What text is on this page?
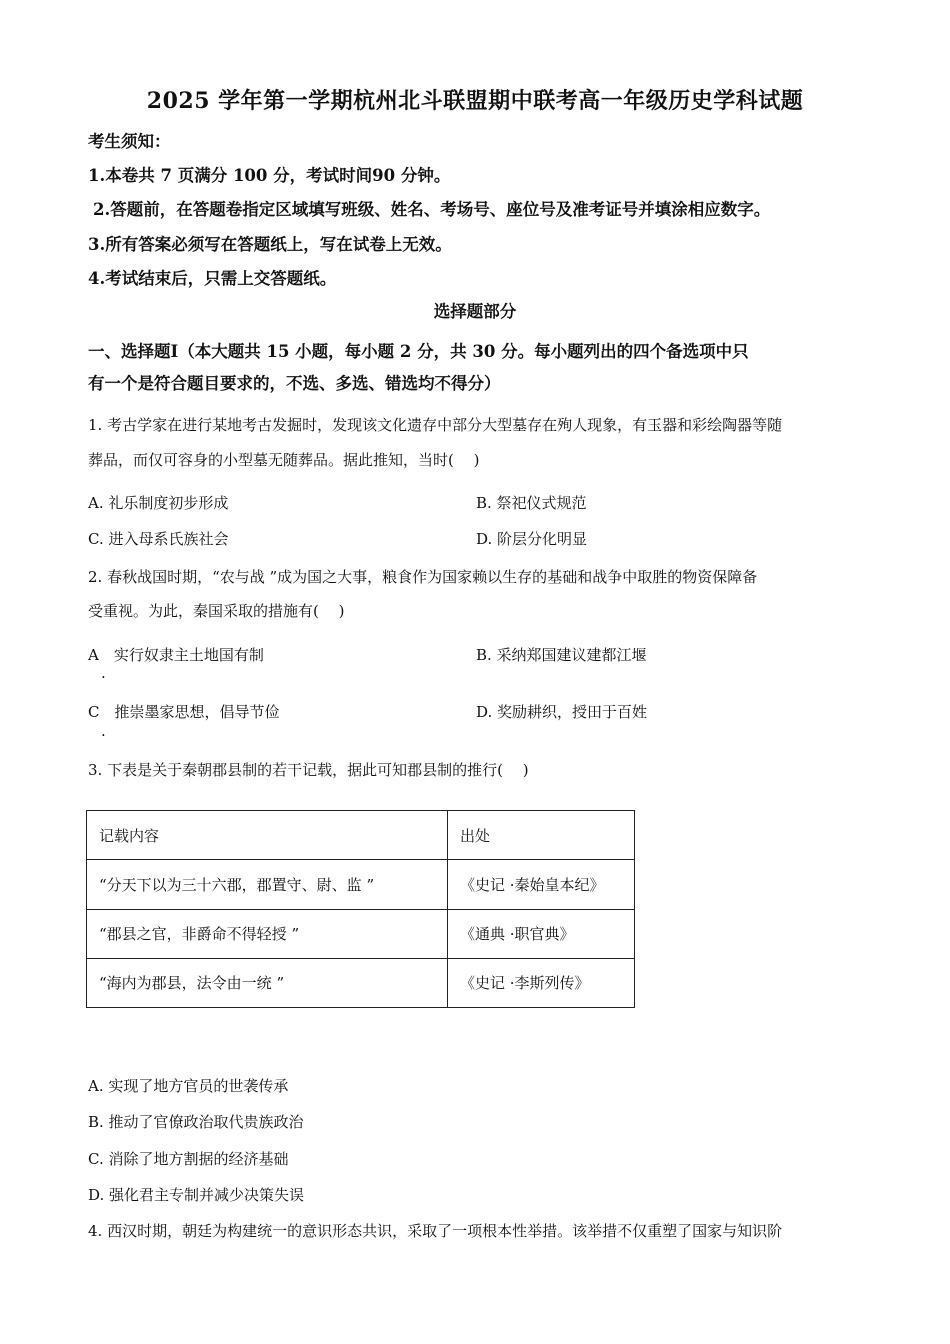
2025 学年第一学期杭州北斗联盟期中联考高一年级历史学科试题
考生须知：
1.本卷共 7 页满分 100 分，考试时间90 分钟。
2.答题前，在答题卷指定区域填写班级、姓名、考场号、座位号及准考证号并填涂相应数字。
3.所有答案必须写在答题纸上，写在试卷上无效。
4.考试结束后，只需上交答题纸。
选择题部分
一、选择题Ⅰ（本大题共 15 小题，每小题 2 分，共 30 分。每小题列出的四个备选项中只
有一个是符合题目要求的，不选、多选、错选均不得分）
1. 考古学家在进行某地考古发掘时，发现该文化遗存中部分大型墓存在殉人现象，有玉器和彩绘陶器等随
葬品，而仅可容身的小型墓无随葬品。据此推知，当时(　 )
A. 礼乐制度初步形成	B. 祭祀仪式规范
C. 进入母系氏族社会	D. 阶层分化明显
2. 春秋战国时期，“农与战 ”成为国之大事，粮食作为国家赖以生存的基础和战争中取胜的物资保障备
受重视。为此，秦国采取的措施有(　 )
A　实行奴隶主土地国有制	B. 采纳郑国建议建都江堰
.
C　推崇墨家思想，倡导节俭	D. 奖励耕织，授田于百姓
.
3. 下表是关于秦朝郡县制的若干记载，据此可知郡县制的推行(　 )
记载内容	出处
“分天下以为三十六郡，郡置守、尉、监 ”	《史记 ·秦始皇本纪》
“郡县之官，非爵命不得轻授 ”	《通典 ·职官典》
“海内为郡县，法令由一统 ”	《史记 ·李斯列传》
A. 实现了地方官员的世袭传承
B. 推动了官僚政治取代贵族政治
C. 消除了地方割据的经济基础
D. 强化君主专制并减少决策失误
4. 西汉时期，朝廷为构建统一的意识形态共识，采取了一项根本性举措。该举措不仅重塑了国家与知识阶
